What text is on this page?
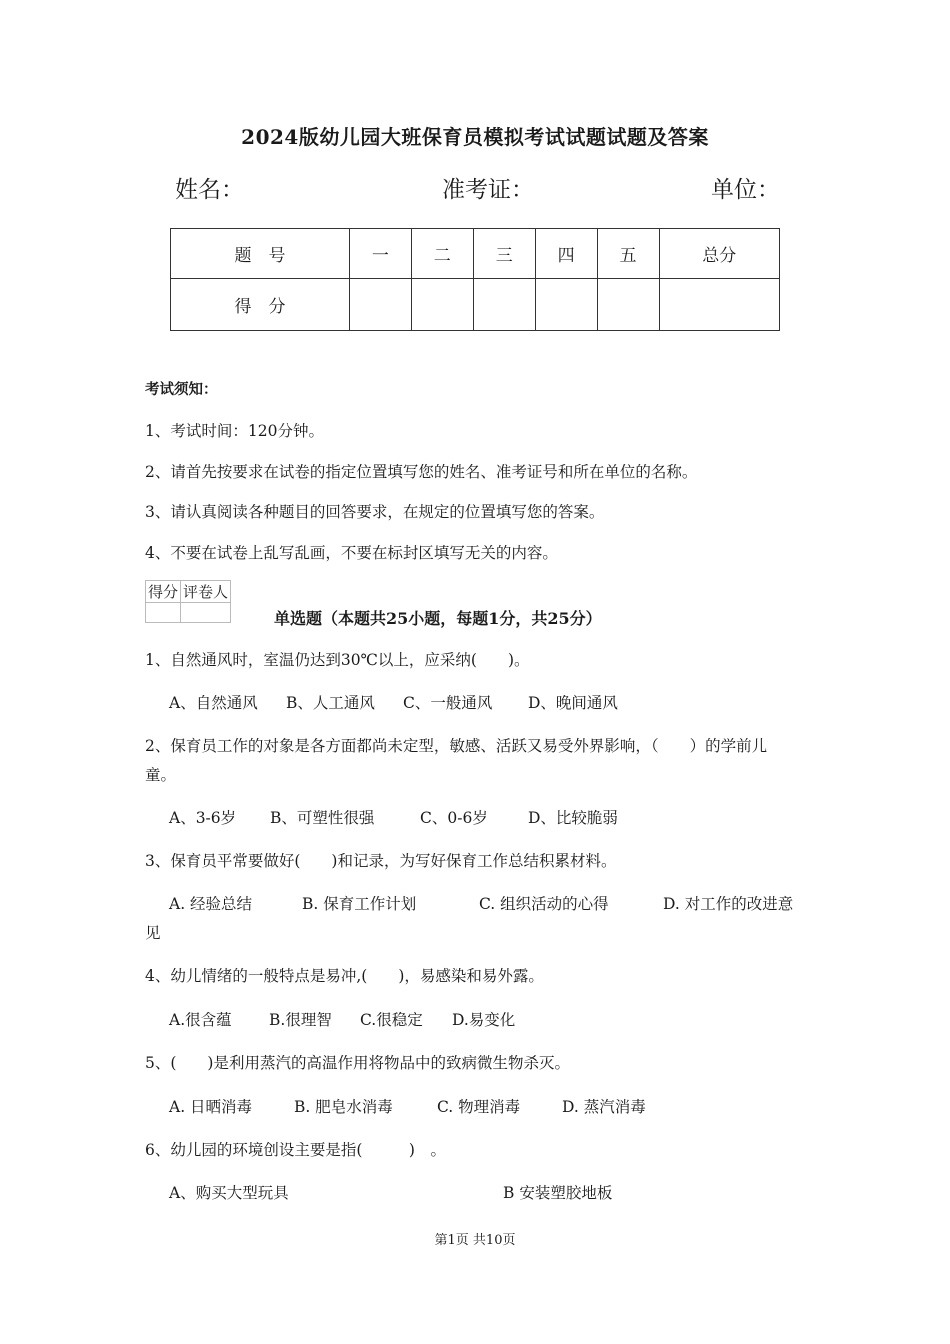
2024版幼儿园大班保育员模拟考试试题试题及答案
姓名：	准考证：	单位：
题　号	一	二	三	四	五	总分
得　分						
考试须知：
1、考试时间：120分钟。
2、请首先按要求在试卷的指定位置填写您的姓名、准考证号和所在单位的名称。
3、请认真阅读各种题目的回答要求，在规定的位置填写您的答案。
4、不要在试卷上乱写乱画，不要在标封区填写无关的内容。
得分	评卷人

单选题（本题共25小题，每题1分，共25分）
1、自然通风时，室温仍达到30℃以上，应采纳(　　)。
A、自然通风 B、人工通风 C、一般通风 D、晚间通风
2、保育员工作的对象是各方面都尚未定型，敏感、活跃又易受外界影响，（　　）的学前儿
童。
A、3-6岁 B、可塑性很强	C、0-6岁	D、比较脆弱
3、保育员平常要做好(　　)和记录，为写好保育工作总结积累材料。
A. 经验总结	B. 保育工作计划	C. 组织活动的心得	D. 对工作的改进意
见
4、幼儿情绪的一般特点是易冲,(　　)，易感染和易外露。
A.很含蕴 B.很理智 C.很稳定 D.易变化
5、(　　)是利用蒸汽的高温作用将物品中的致病微生物杀灭。
A. 日晒消毒	B. 肥皂水消毒	C. 物理消毒	D. 蒸汽消毒
6、幼儿园的环境创设主要是指(　　　)　。
A、购买大型玩具	B 安装塑胶地板
第1页 共10页
